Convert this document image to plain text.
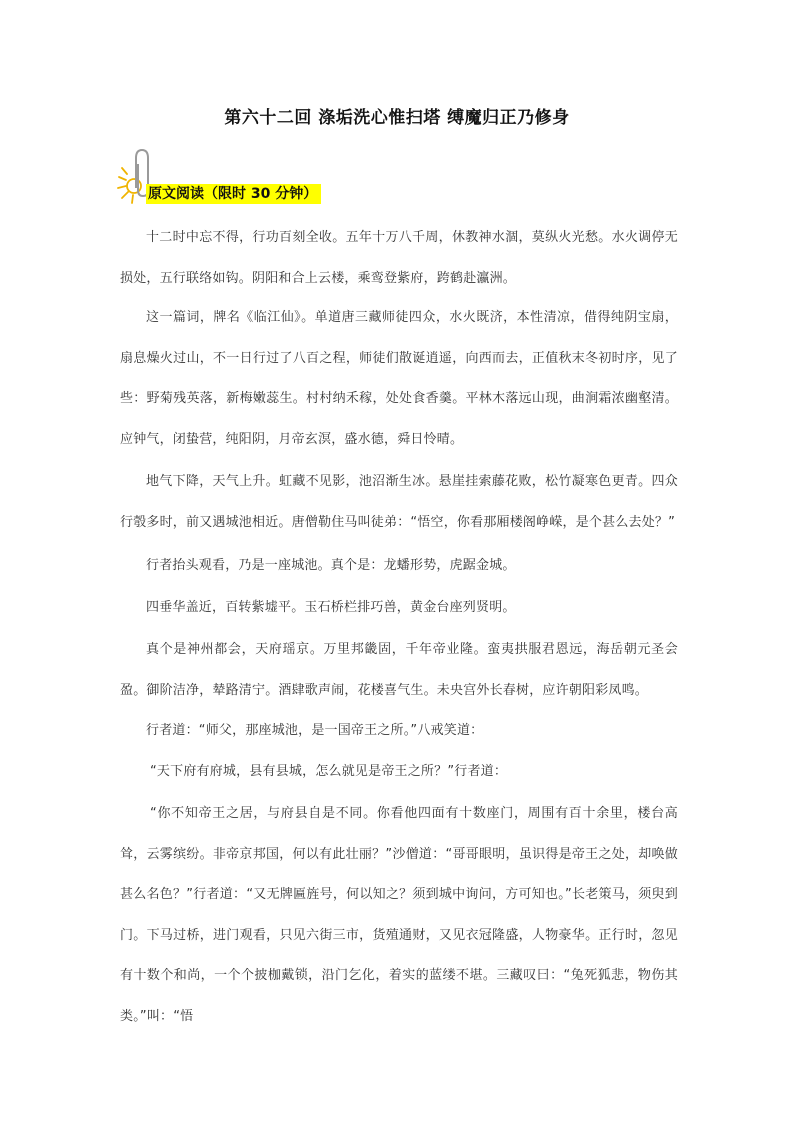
第六十二回 涤垢洗心惟扫塔 缚魔归正乃修身
原文阅读（限时 30 分钟）

十二时中忘不得，行功百刻全收。五年十万八千周，休教神水涸，莫纵火光愁。水火调停无损处，五行联络如钩。阴阳和合上云楼，乘鸾登紫府，跨鹤赴瀛洲。

这一篇词，牌名《临江仙》。单道唐三藏师徒四众，水火既济，本性清凉，借得纯阴宝扇，扇息燥火过山，不一日行过了八百之程，师徒们散诞逍遥，向西而去，正值秋末冬初时序，见了些：野菊残英落，新梅嫩蕊生。村村纳禾稼，处处食香羹。平林木落远山现，曲涧霜浓幽壑清。应钟气，闭蛰营，纯阳阴，月帝玄溟，盛水德，舜日怜晴。

地气下降，天气上升。虹藏不见影，池沼渐生冰。悬崖挂索藤花败，松竹凝寒色更青。四众行彀多时，前又遇城池相近。唐僧勒住马叫徒弟：“悟空，你看那厢楼阁峥嵘，是个甚么去处？”

行者抬头观看，乃是一座城池。真个是：龙蟠形势，虎踞金城。

四垂华盖近，百转紫墟平。玉石桥栏排巧兽，黄金台座列贤明。

真个是神州都会，天府瑶京。万里邦畿固，千年帝业隆。蛮夷拱服君恩远，海岳朝元圣会盈。御阶洁净，辇路清宁。酒肆歌声闹，花楼喜气生。未央宫外长春树，应许朝阳彩凤鸣。

行者道：“师父，那座城池，是一国帝王之所。”八戒笑道：

“天下府有府城，县有县城，怎么就见是帝王之所？”行者道：

“你不知帝王之居，与府县自是不同。你看他四面有十数座门，周围有百十余里，楼台高耸，云雾缤纷。非帝京邦国，何以有此壮丽？”沙僧道：“哥哥眼明，虽识得是帝王之处，却唤做甚么名色？”行者道：“又无牌匾旌号，何以知之？须到城中询问，方可知也。”长老策马，须臾到门。下马过桥，进门观看，只见六街三市，货殖通财，又见衣冠隆盛，人物豪华。正行时，忽见有十数个和尚，一个个披枷戴锁，沿门乞化，着实的蓝缕不堪。三藏叹曰：“兔死狐悲，物伤其类。”叫：“悟
